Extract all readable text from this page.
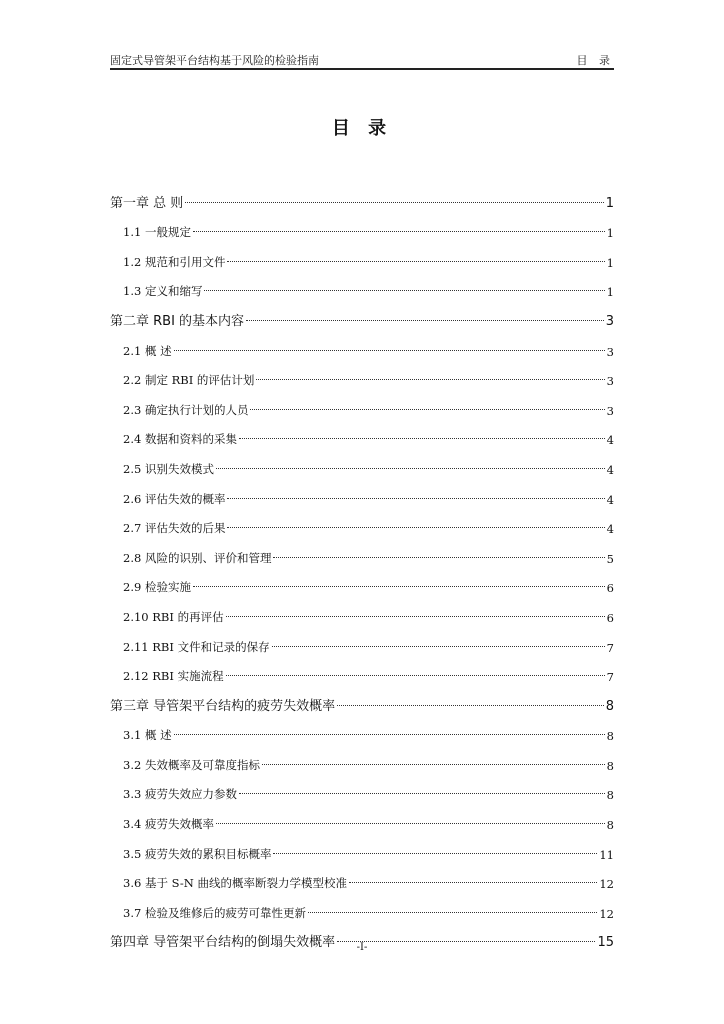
固定式导管架平台结构基于风险的检验指南	目 录
目 录
第一章 总 则	1
1.1 一般规定	1
1.2 规范和引用文件	1
1.3 定义和缩写	1
第二章 RBI 的基本内容	3
2.1 概 述	3
2.2 制定 RBI 的评估计划	3
2.3 确定执行计划的人员	3
2.4 数据和资料的采集	4
2.5 识别失效模式	4
2.6 评估失效的概率	4
2.7 评估失效的后果	4
2.8 风险的识别、评价和管理	5
2.9 检验实施	6
2.10 RBI 的再评估	6
2.11 RBI 文件和记录的保存	7
2.12 RBI 实施流程	7
第三章 导管架平台结构的疲劳失效概率	8
3.1 概 述	8
3.2 失效概率及可靠度指标	8
3.3 疲劳失效应力参数	8
3.4 疲劳失效概率	8
3.5 疲劳失效的累积目标概率	11
3.6 基于 S-N 曲线的概率断裂力学模型校准	12
3.7 检验及维修后的疲劳可靠性更新	12
第四章 导管架平台结构的倒塌失效概率	15
-I-
